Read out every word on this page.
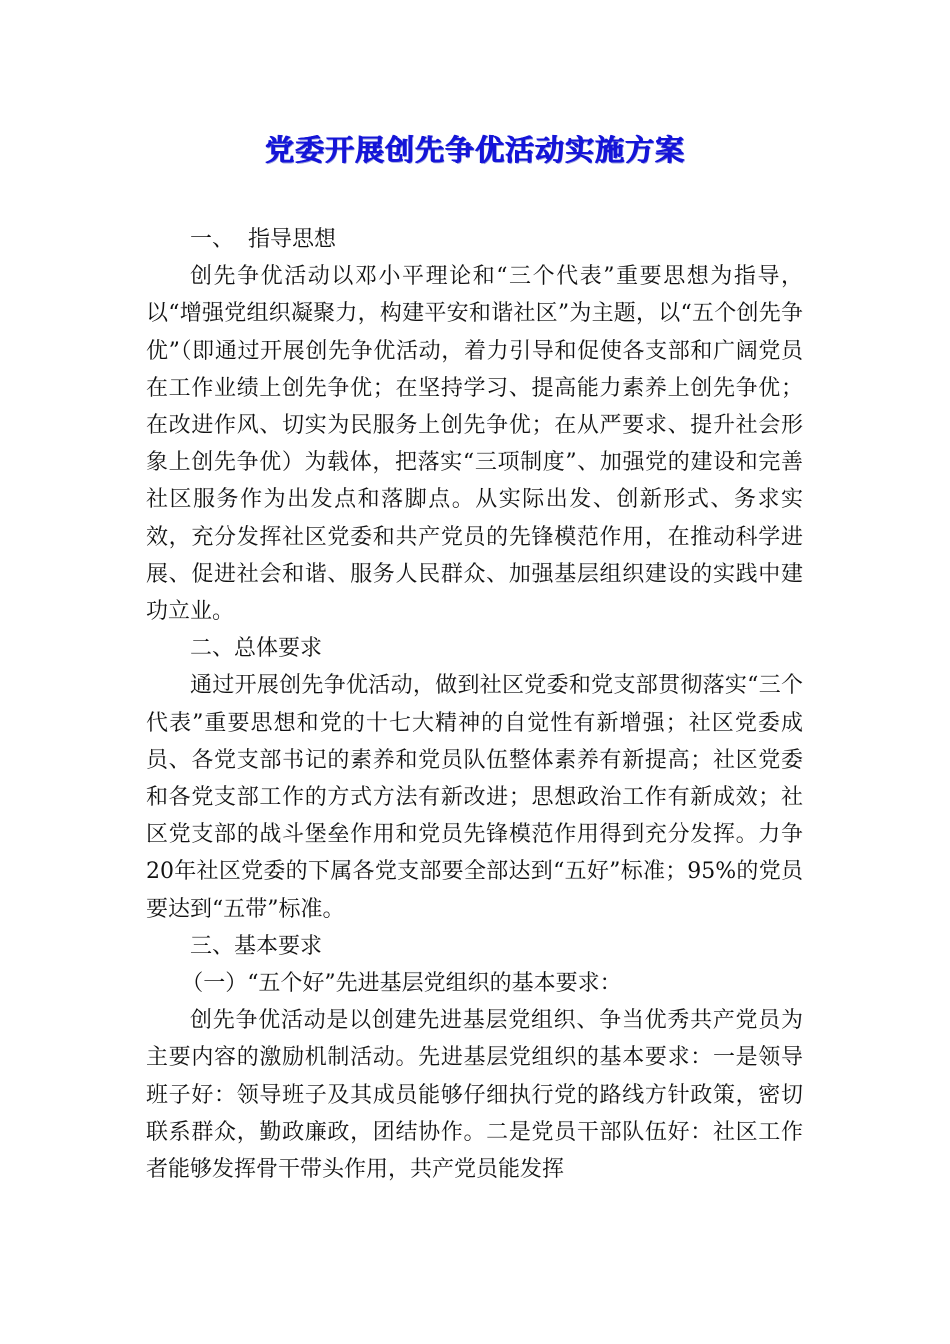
党委开展创先争优活动实施方案

一、  指导思想

创先争优活动以邓小平理论和“三个代表”重要思想为指导，以“增强党组织凝聚力，构建平安和谐社区”为主题，以“五个创先争优”（即通过开展创先争优活动，着力引导和促使各支部和广阔党员在工作业绩上创先争优；在坚持学习、提高能力素养上创先争优；在改进作风、切实为民服务上创先争优；在从严要求、提升社会形象上创先争优）为载体，把落实“三项制度”、加强党的建设和完善社区服务作为出发点和落脚点。从实际出发、创新形式、务求实效，充分发挥社区党委和共产党员的先锋模范作用，在推动科学进展、促进社会和谐、服务人民群众、加强基层组织建设的实践中建功立业。

二、总体要求

通过开展创先争优活动，做到社区党委和党支部贯彻落实“三个代表”重要思想和党的十七大精神的自觉性有新增强；社区党委成员、各党支部书记的素养和党员队伍整体素养有新提高；社区党委和各党支部工作的方式方法有新改进；思想政治工作有新成效；社区党支部的战斗堡垒作用和党员先锋模范作用得到充分发挥。力争20年社区党委的下属各党支部要全部达到“五好”标准；95%的党员要达到“五带”标准。

三、基本要求

（一）“五个好”先进基层党组织的基本要求：

创先争优活动是以创建先进基层党组织、争当优秀共产党员为主要内容的激励机制活动。先进基层党组织的基本要求：一是领导班子好：领导班子及其成员能够仔细执行党的路线方针政策，密切联系群众，勤政廉政，团结协作。二是党员干部队伍好：社区工作者能够发挥骨干带头作用，共产党员能发挥
